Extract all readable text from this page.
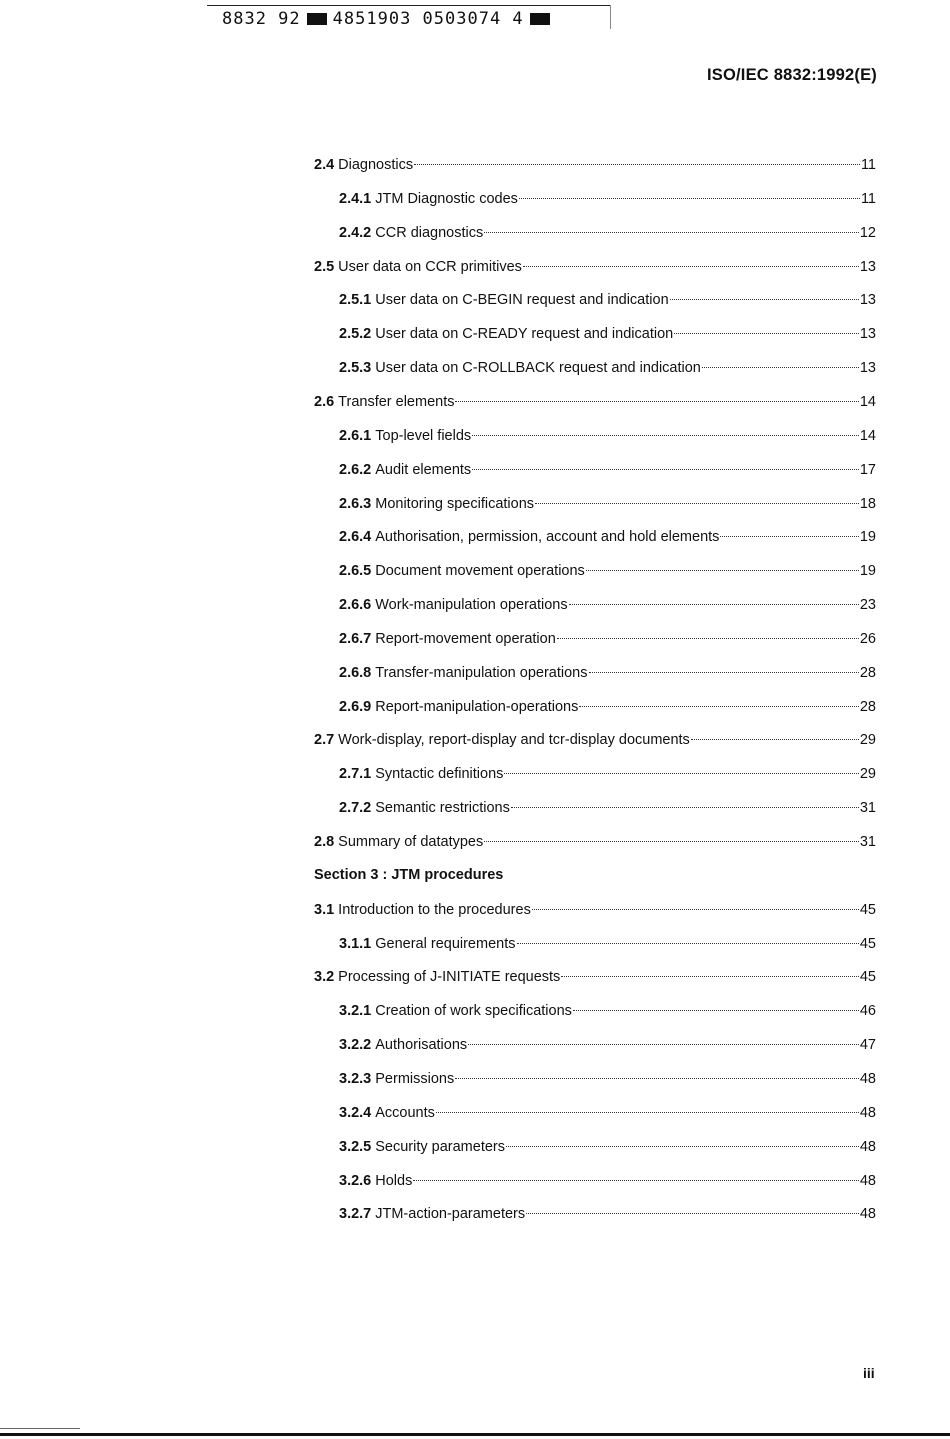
8832 92 4851903 0503074 4
ISO/IEC 8832:1992(E)
2.4 Diagnostics	11
2.4.1 JTM Diagnostic codes	11
2.4.2 CCR diagnostics	12
2.5 User data on CCR primitives	13
2.5.1 User data on C-BEGIN request and indication	13
2.5.2 User data on C-READY request and indication	13
2.5.3 User data on C-ROLLBACK request and indication	13
2.6 Transfer elements	14
2.6.1 Top-level fields	14
2.6.2 Audit elements	17
2.6.3 Monitoring specifications	18
2.6.4 Authorisation, permission, account and hold elements	19
2.6.5 Document movement operations	19
2.6.6 Work-manipulation operations	23
2.6.7 Report-movement operation	26
2.6.8 Transfer-manipulation operations	28
2.6.9 Report-manipulation-operations	28
2.7 Work-display, report-display and tcr-display documents	29
2.7.1 Syntactic definitions	29
2.7.2 Semantic restrictions	31
2.8 Summary of datatypes	31
Section 3 : JTM procedures
3.1 Introduction to the procedures	45
3.1.1 General requirements	45
3.2 Processing of J-INITIATE requests	45
3.2.1 Creation of work specifications	46
3.2.2 Authorisations	47
3.2.3 Permissions	48
3.2.4 Accounts	48
3.2.5 Security parameters	48
3.2.6 Holds	48
3.2.7 JTM-action-parameters	48
iii
